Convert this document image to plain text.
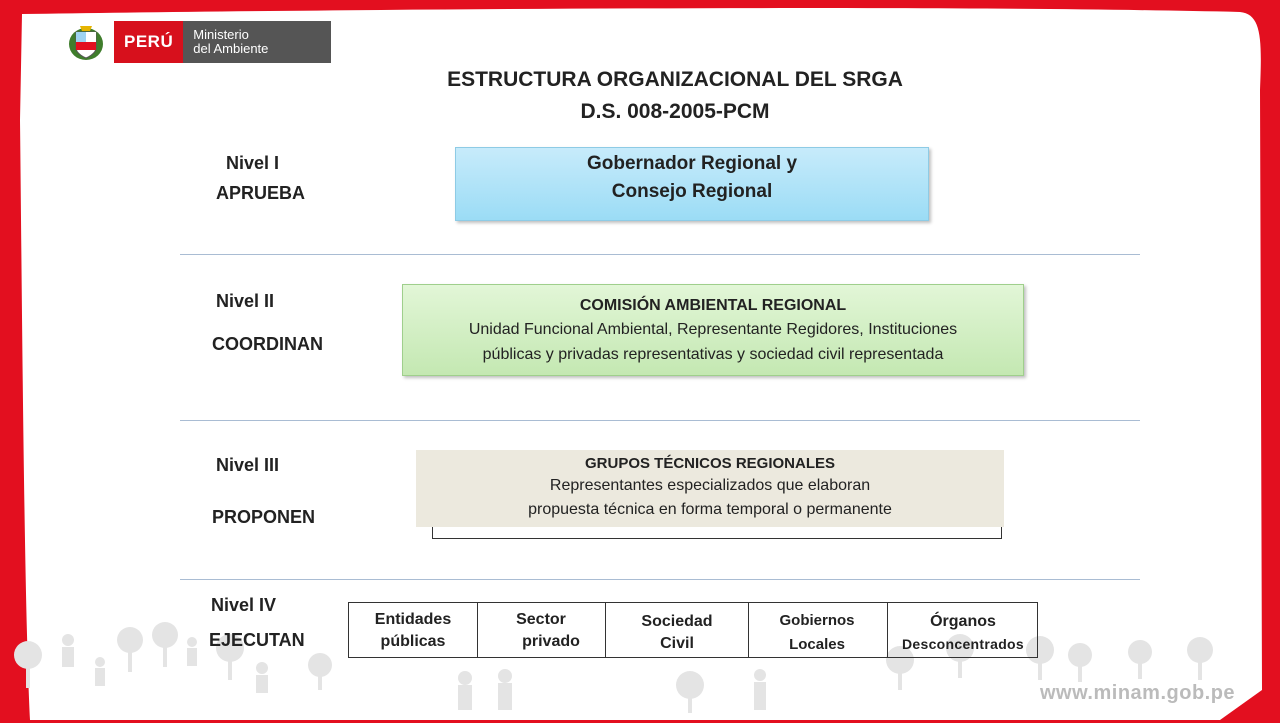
PERÚ	Ministerio
del Ambiente
ESTRUCTURA ORGANIZACIONAL DEL SRGA
D.S. 008-2005-PCM
Nivel I
APRUEBA
Nivel II
COORDINAN
Nivel III
PROPONEN
Nivel IV
EJECUTAN
Gobernador Regional y
Consejo Regional
COMISIÓN AMBIENTAL REGIONAL
Unidad Funcional Ambiental, Representante Regidores, Instituciones
públicas y privadas representativas y sociedad civil representada
GRUPOS TÉCNICOS REGIONALES
Representantes especializados que elaboran
propuesta técnica en forma temporal o permanente
Entidades
públicas
Sector
privado
Sociedad
Civil
Gobiernos
Locales
Órganos
Desconcentrados
www.minam.gob.pe
15
